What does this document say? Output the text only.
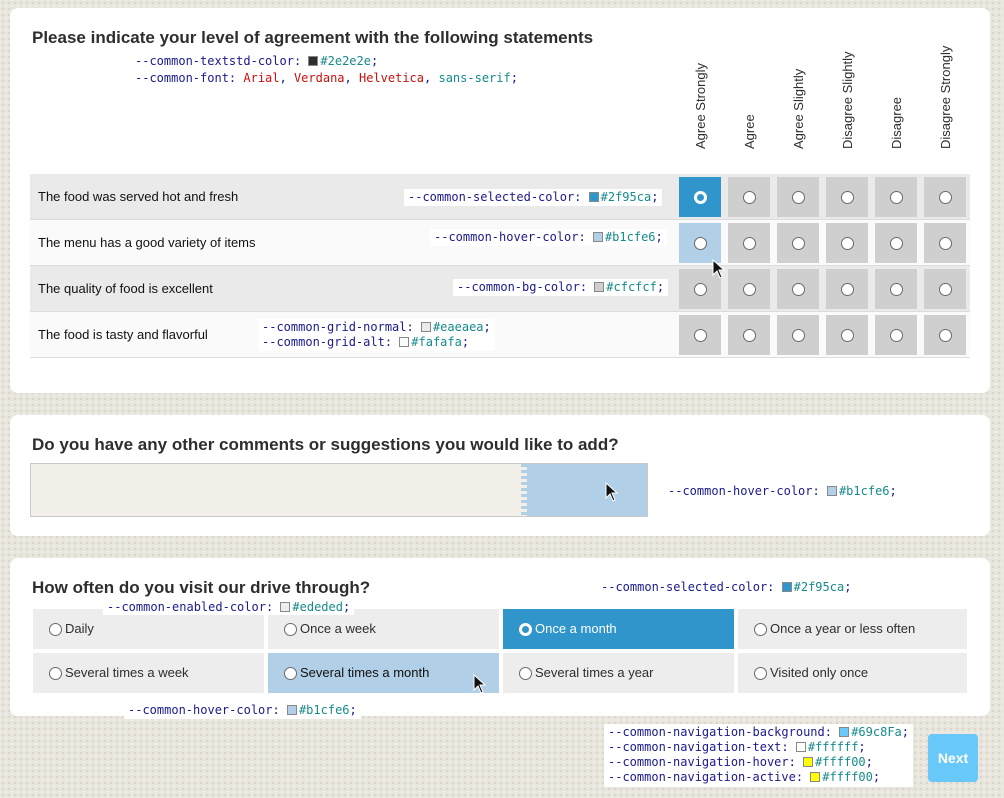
Please indicate your level of agreement with the following statements
--common-textstd-color: #2e2e2e;
--common-font: Arial, Verdana, Helvetica, sans-serif;	Agree Strongly	Agree	Agree Slightly	Disagree Slightly	Disagree	Disagree Strongly
The food was served hot and fresh
The menu has a good variety of items
The quality of food is excellent
The food is tasty and flavorful
--common-selected-color: #2f95ca;
--common-hover-color: #b1cfe6;
--common-bg-color: #cfcfcf;
--common-grid-normal: #eaeaea;
--common-grid-alt: #fafafa;
Do you have any other comments or suggestions you would like to add?
--common-hover-color: #b1cfe6;
How often do you visit our drive through?	--common-selected-color: #2f95ca;
Daily	Once a week	Once a month	Once a year or less often
Several times a week	Several times a month	Several times a year	Visited only once
--common-enabled-color: #ededed;
--common-hover-color: #b1cfe6;
--common-navigation-background: #69c8Fa;
--common-navigation-text: #ffffff;
--common-navigation-hover: #ffff00;
--common-navigation-active: #ffff00;
Next
